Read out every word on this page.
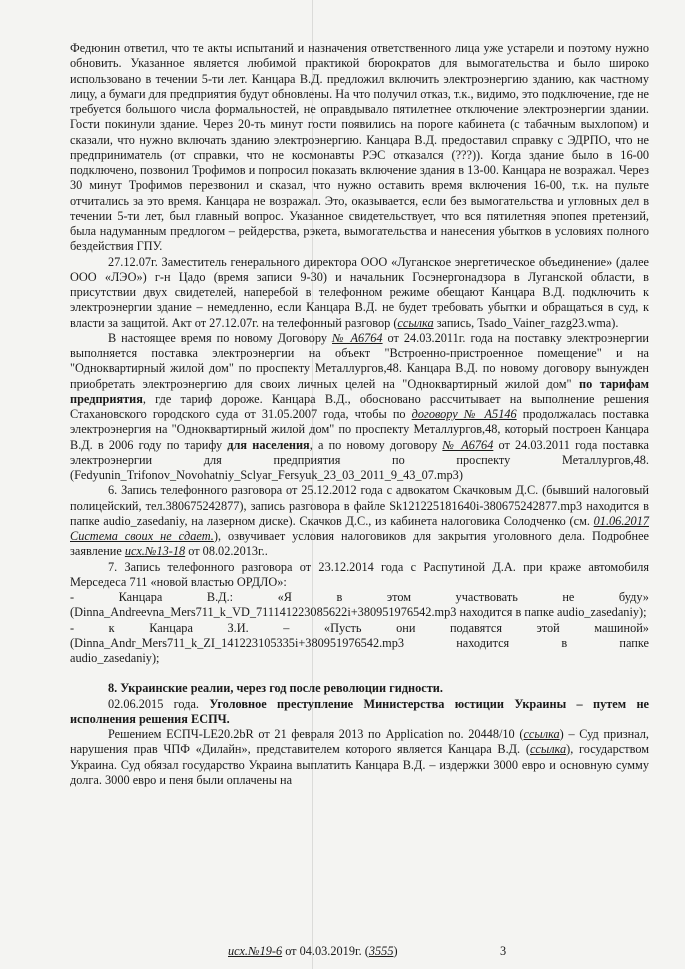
Федюнин ответил, что те акты испытаний и назначения ответственного лица уже устарели и поэтому нужно обновить. Указанное является любимой практикой бюрократов для вымогательства и было широко использовано в течении 5-ти лет. Канцара В.Д. предложил включить электроэнергию зданию, как частному лицу, а бумаги для предприятия будут обновлены. На что получил отказ, т.к., видимо, это подключение, где не требуется большого числа формальностей, не оправдывало пятилетнее отключение электроэнергии здании. Гости покинули здание. Через 20-ть минут гости появились на пороге кабинета (с табачным выхлопом) и сказали, что нужно включать зданию электроэнергию. Канцара В.Д. предоставил справку с ЭДРПО, что не предприниматель (от справки, что не космонавты РЭС отказался (???)). Когда здание было в 16-00 подключено, позвонил Трофимов и попросил показать включение здания в 13-00. Канцара не возражал. Через 30 минут Трофимов перезвонил и сказал, что нужно оставить время включения 16-00, т.к. на пульте отчитались за это время. Канцара не возражал. Это, оказывается, если без вымогательства и угловных дел в течении 5-ти лет, был главный вопрос. Указанное свидетельствует, что вся пятилетняя эпопея претензий, была надуманным предлогом – рейдерства, рэкета, вымогательства и нанесения убытков в условиях полного бездействия ГПУ.

27.12.07г. Заместитель генерального директора ООО «Луганское энергетическое объединение» (далее ООО «ЛЭО») г-н Цадо (время записи 9-30) и начальник Госэнергонадзора в Луганской области, в присутствии двух свидетелей, наперебой в телефонном режиме обещают Канцара В.Д. подключить к электроэнергии здание – немедленно, если Канцара В.Д. не будет требовать убытки и обращаться в суд, к власти за защитой. Акт от 27.12.07г. на телефонный разговор (ссылка запись, Tsado_Vainer_razg23.wma).

В настоящее время по новому Договору № А6764 от 24.03.2011г. года на поставку электроэнергии выполняется поставка электроэнергии на объект "Встроенно-пристроенное помещение" и на "Одноквартирный жилой дом" по проспекту Металлургов,48. Канцара В.Д. по новому договору вынужден приобретать электроэнергию для своих личных целей на "Одноквартирный жилой дом" по тарифам предприятия, где тариф дороже. Канцара В.Д., обосновано рассчитывает на выполнение решения Стахановского городского суда от 31.05.2007 года, чтобы по договору № А5146 продолжалась поставка электроэнергия на "Одноквартирный жилой дом" по проспекту Металлургов,48, который построен Канцара В.Д. в 2006 году по тарифу для населения, а по новому договору № А6764 от 24.03.2011 года поставка электроэнергии для предприятия по проспекту Металлургов,48. (Fedyunin_Trifonov_Novohatniy_Sclyar_Fersyuk_23_03_2011_9_43_07.mp3)

6. Запись телефонного разговора от 25.12.2012 года с адвокатом Скачковым Д.С. (бывший налоговый полицейский, тел.380675242877), запись разговора в файле Sk121225181640i-380675242877.mp3 находится в папке audio_zasedaniy, на лазерном диске). Скачков Д.С., из кабинета налоговика Солодченко (см. 01.06.2017 Система своих не сдает.), озвучивает условия налоговиков для закрытия уголовного дела. Подробнее заявление исх.№13-18 от 08.02.2013г..

7. Запись телефонного разговора от 23.12.2014 года с Распутиной Д.А. при краже автомобиля Мерседеса 711 «новой властью ОРДЛО»:

-	Канцара	В.Д.:	«Я	в	этом	участвовать	не	буду»

(Dinna_Andreevna_Mers711_k_VD_711141223085622i+380951976542.mp3 находится в папке audio_zasedaniy);

-	к	Канцара	З.И.	–	«Пусть	они	подавятся	этой	машиной»
(Dinna_Andr_Mers711_k_ZI_141223105335i+380951976542.mp3	находится	в	папке

audio_zasedaniy);

8. Украинские реалии, через год после революции гидности.

02.06.2015 года. Уголовное преступление Министерства юстиции Украины – путем не исполнения решения ЕСПЧ.

Решением ЕСПЧ-LE20.2bR от 21 февраля 2013 по Application no. 20448/10 (ссылка) – Суд признал, нарушения прав ЧПФ «Дилайн», представителем которого является Канцара В.Д. (ссылка), государством Украина. Суд обязал государство Украина выплатить Канцара В.Д. – издержки 3000 евро и основную сумму долга. 3000 евро и пеня были оплачены на

исх.№19-6 от 04.03.2019г. (3555)	3
